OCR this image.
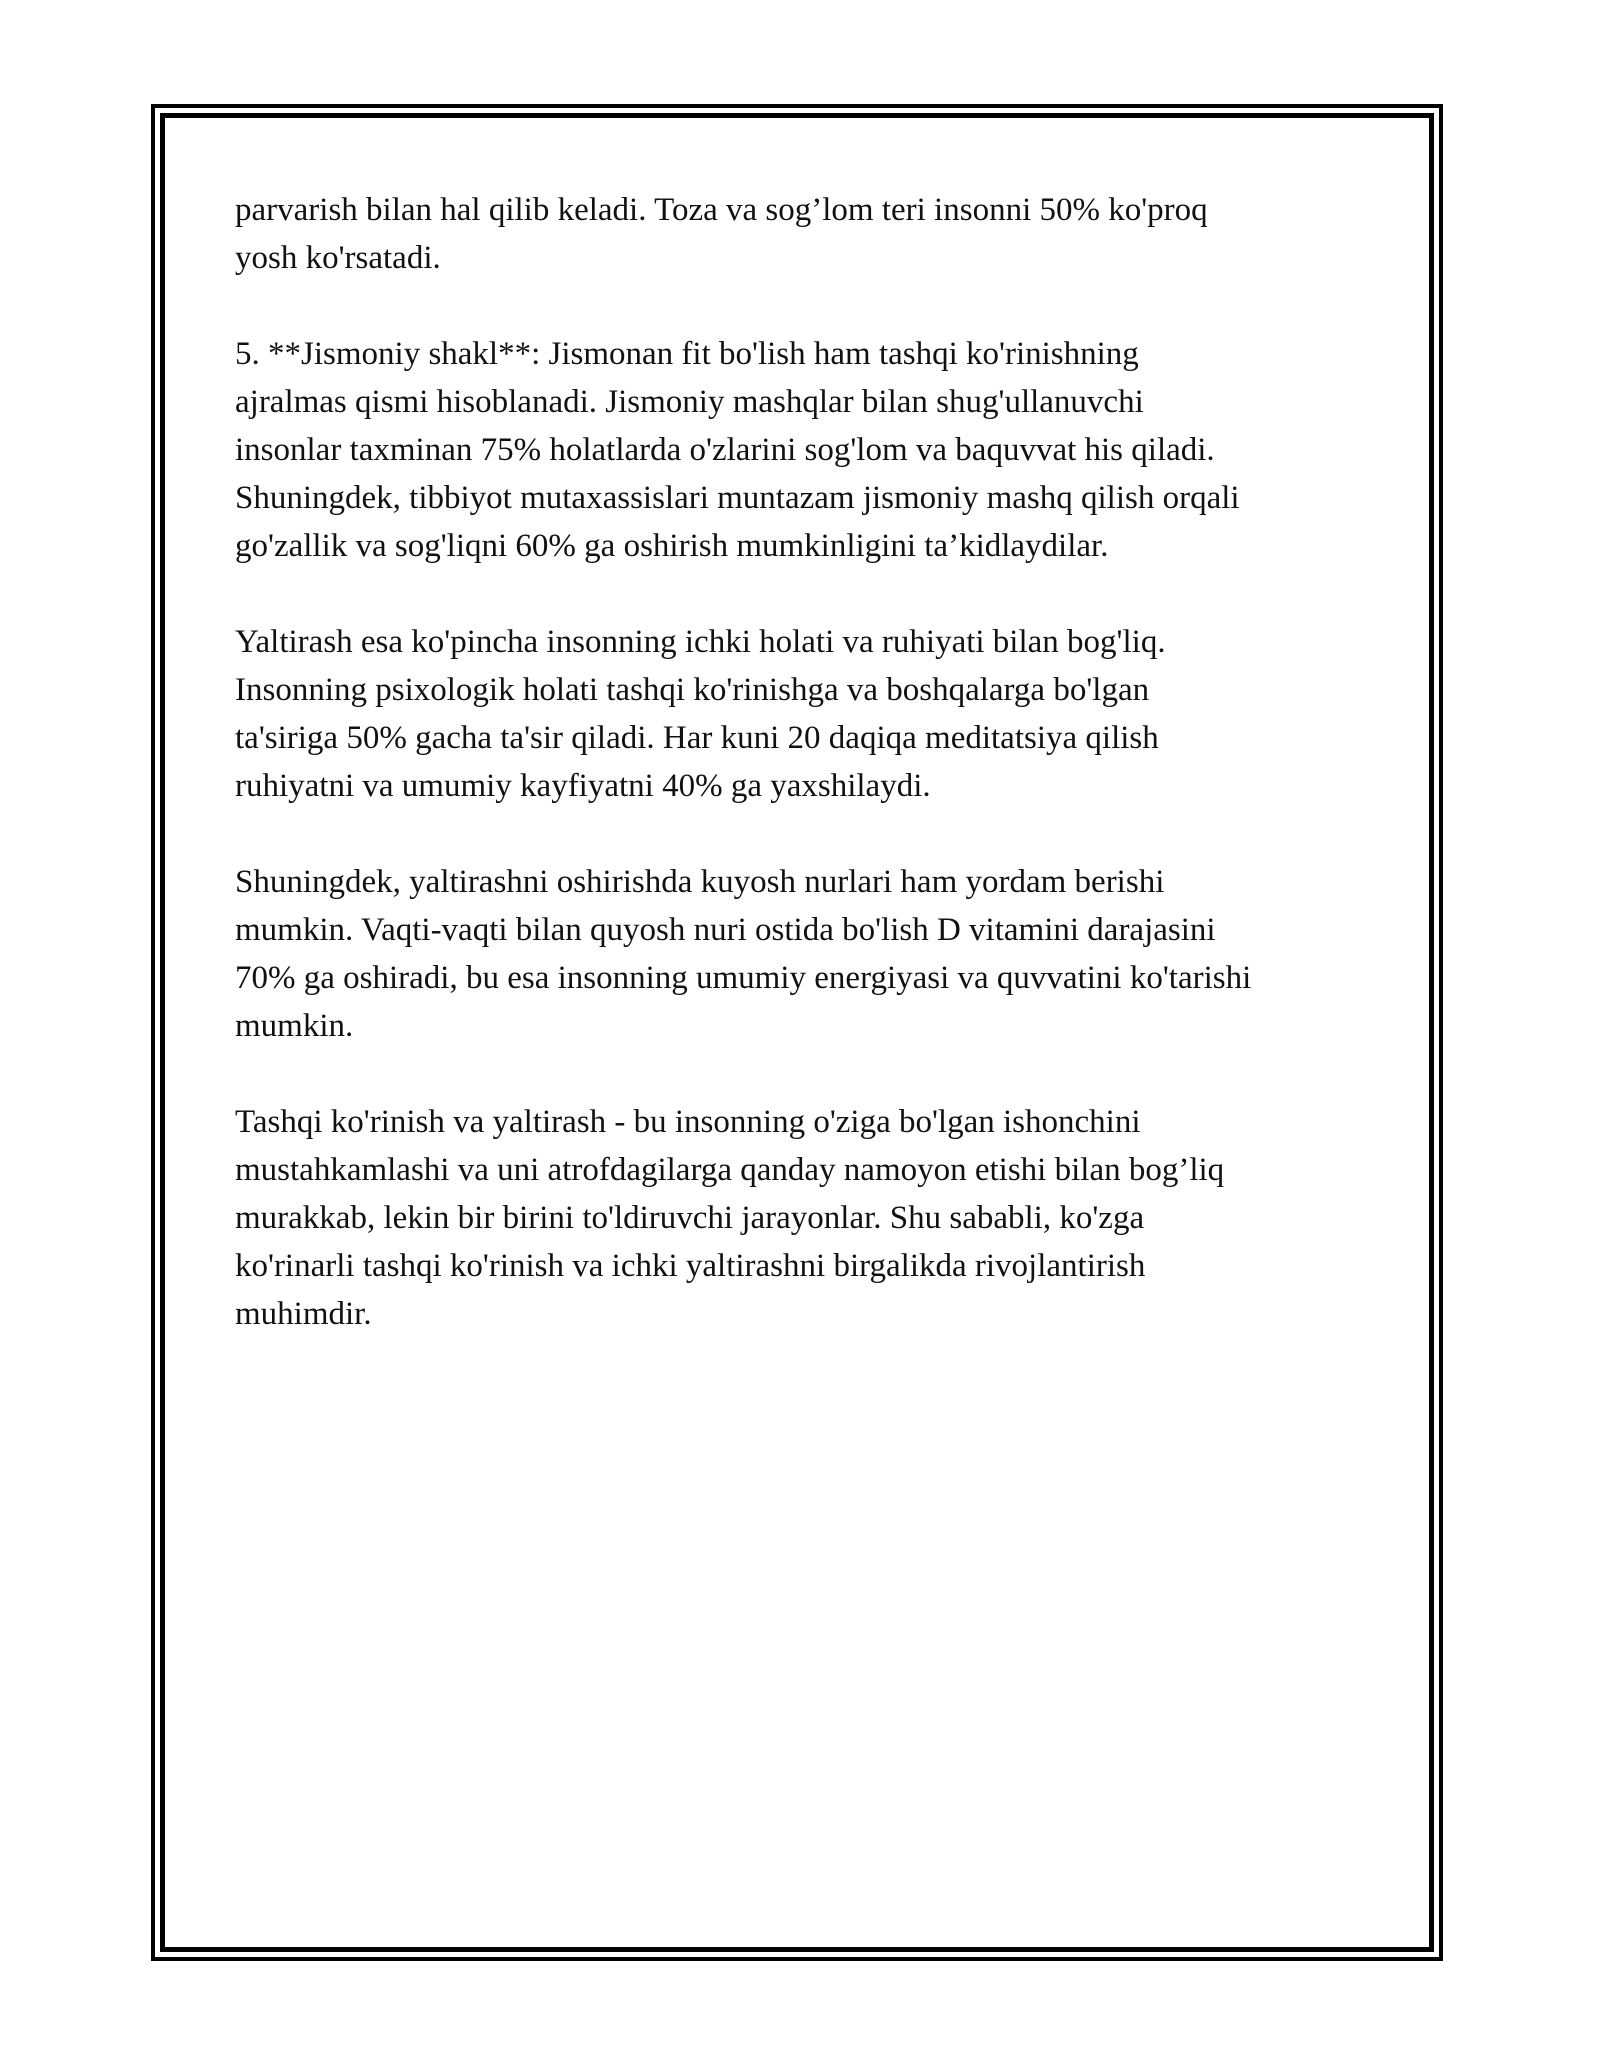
parvarish bilan hal qilib keladi. Toza va sog’lom teri insonni 50% ko'proq
yosh ko'rsatadi.

5. **Jismoniy shakl**: Jismonan fit bo'lish ham tashqi ko'rinishning
ajralmas qismi hisoblanadi. Jismoniy mashqlar bilan shug'ullanuvchi
insonlar taxminan 75% holatlarda o'zlarini sog'lom va baquvvat his qiladi.
Shuningdek, tibbiyot mutaxassislari muntazam jismoniy mashq qilish orqali
go'zallik va sog'liqni 60% ga oshirish mumkinligini ta’kidlaydilar.

Yaltirash esa ko'pincha insonning ichki holati va ruhiyati bilan bog'liq.
Insonning psixologik holati tashqi ko'rinishga va boshqalarga bo'lgan
ta'siriga 50% gacha ta'sir qiladi. Har kuni 20 daqiqa meditatsiya qilish
ruhiyatni va umumiy kayfiyatni 40% ga yaxshilaydi.

Shuningdek, yaltirashni oshirishda kuyosh nurlari ham yordam berishi
mumkin. Vaqti-vaqti bilan quyosh nuri ostida bo'lish D vitamini darajasini
70% ga oshiradi, bu esa insonning umumiy energiyasi va quvvatini ko'tarishi
mumkin.

Tashqi ko'rinish va yaltirash - bu insonning o'ziga bo'lgan ishonchini
mustahkamlashi va uni atrofdagilarga qanday namoyon etishi bilan bog’liq
murakkab, lekin bir birini to'ldiruvchi jarayonlar. Shu sababli, ko'zga
ko'rinarli tashqi ko'rinish va ichki yaltirashni birgalikda rivojlantirish
muhimdir.
